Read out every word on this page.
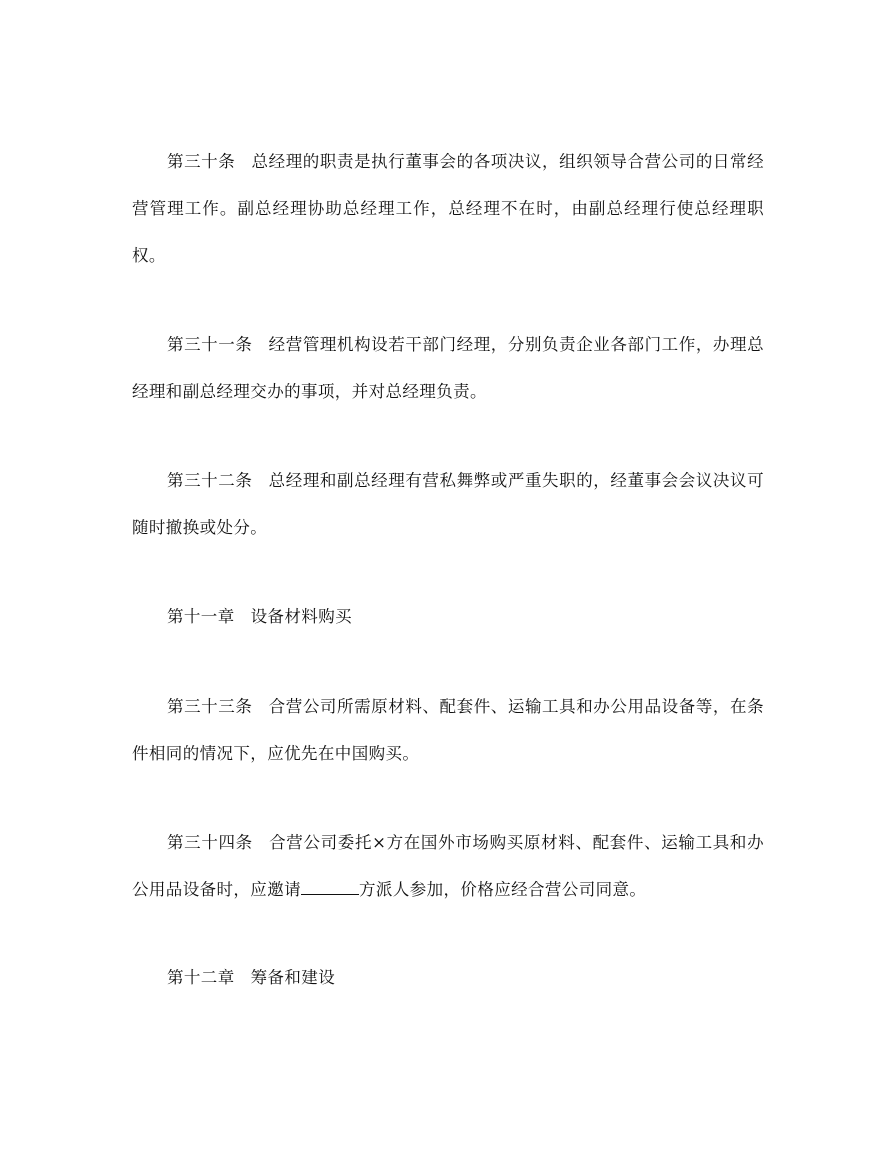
第三十条 总经理的职责是执行董事会的各项决议，组织领导合营公司的日常经营管理工作。副总经理协助总经理工作，总经理不在时，由副总经理行使总经理职权。

第三十一条 经营管理机构设若干部门经理，分别负责企业各部门工作，办理总经理和副总经理交办的事项，并对总经理负责。

第三十二条 总经理和副总经理有营私舞弊或严重失职的，经董事会会议决议可随时撤换或处分。

第十一章 设备材料购买

第三十三条 合营公司所需原材料、配套件、运输工具和办公用品设备等，在条件相同的情况下，应优先在中国购买。

第三十四条 合营公司委托×方在国外市场购买原材料、配套件、运输工具和办公用品设备时，应邀请	方派人参加，价格应经合营公司同意。

第十二章 筹备和建设
